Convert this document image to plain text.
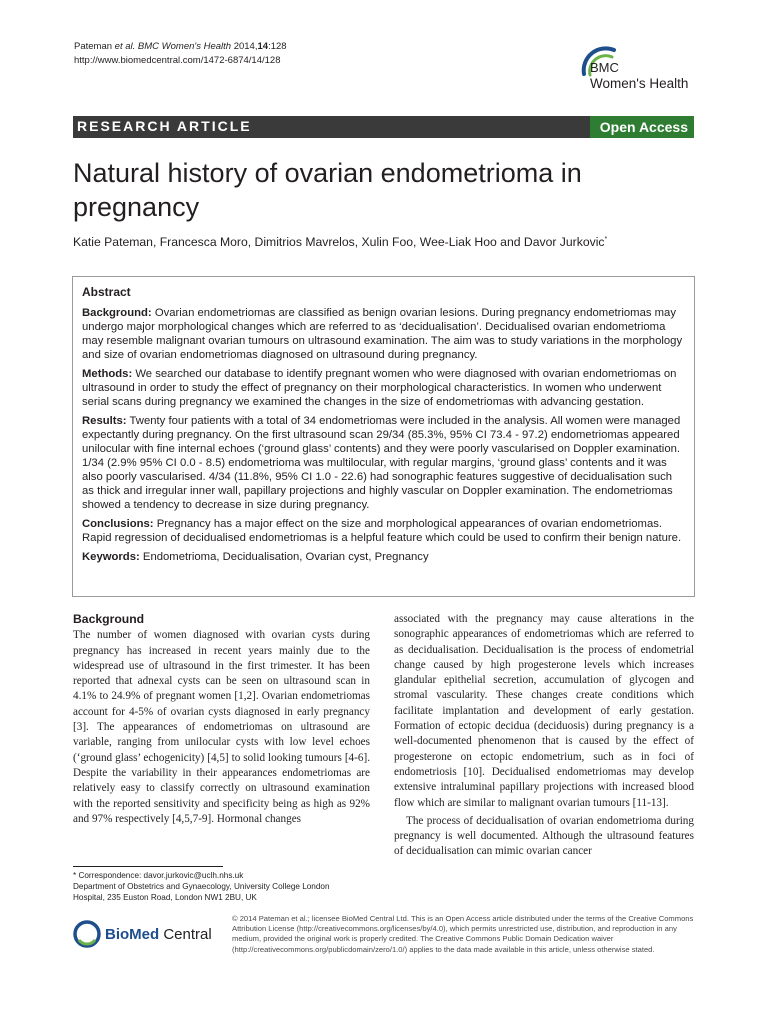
Pateman et al. BMC Women's Health 2014,14:128
http://www.biomedcentral.com/1472-6874/14/128	BMC
Women's Health
RESEARCH ARTICLE	Open Access
Natural history of ovarian endometrioma in
pregnancy
Katie Pateman, Francesca Moro, Dimitrios Mavrelos, Xulin Foo, Wee-Liak Hoo and Davor Jurkovic*
Abstract

Background: Ovarian endometriomas are classified as benign ovarian lesions. During pregnancy endometriomas may undergo major morphological changes which are referred to as ‘decidualisation’. Decidualised ovarian endometrioma may resemble malignant ovarian tumours on ultrasound examination. The aim was to study variations in the morphology and size of ovarian endometriomas diagnosed on ultrasound during pregnancy.

Methods: We searched our database to identify pregnant women who were diagnosed with ovarian endometriomas on ultrasound in order to study the effect of pregnancy on their morphological characteristics. In women who underwent serial scans during pregnancy we examined the changes in the size of endometriomas with advancing gestation.

Results: Twenty four patients with a total of 34 endometriomas were included in the analysis. All women were managed expectantly during pregnancy. On the first ultrasound scan 29/34 (85.3%, 95% CI 73.4 - 97.2) endometriomas appeared unilocular with fine internal echoes (‘ground glass’ contents) and they were poorly vascularised on Doppler examination. 1/34 (2.9% 95% CI 0.0 - 8.5) endometrioma was multilocular, with regular margins, ‘ground glass’ contents and it was also poorly vascularised. 4/34 (11.8%, 95% CI 1.0 - 22.6) had sonographic features suggestive of decidualisation such as thick and irregular inner wall, papillary projections and highly vascular on Doppler examination. The endometriomas showed a tendency to decrease in size during pregnancy.

Conclusions: Pregnancy has a major effect on the size and morphological appearances of ovarian endometriomas. Rapid regression of decidualised endometriomas is a helpful feature which could be used to confirm their benign nature.

Keywords: Endometrioma, Decidualisation, Ovarian cyst, Pregnancy

Background

The number of women diagnosed with ovarian cysts during pregnancy has increased in recent years mainly due to the widespread use of ultrasound in the first trimester. It has been reported that adnexal cysts can be seen on ultrasound scan in 4.1% to 24.9% of pregnant women [1,2]. Ovarian endometriomas account for 4-5% of ovarian cysts diagnosed in early pregnancy [3]. The appearances of endometriomas on ultrasound are variable, ranging from unilocular cysts with low level echoes (‘ground glass’ echogenicity) [4,5] to solid looking tumours [4-6]. Despite the variability in their appearances endometriomas are relatively easy to classify correctly on ultrasound examination with the reported sensitivity and specificity being as high as 92% and 97% respectively [4,5,7-9]. Hormonal changes

associated with the pregnancy may cause alterations in the sonographic appearances of endometriomas which are referred to as decidualisation. Decidualisation is the process of endometrial change caused by high progesterone levels which increases glandular epithelial secretion, accumulation of glycogen and stromal vascularity. These changes create conditions which facilitate implantation and development of early gestation. Formation of ectopic decidua (deciduosis) during pregnancy is a well-documented phenomenon that is caused by the effect of progesterone on ectopic endometrium, such as in foci of endometriosis [10]. Decidualised endometriomas may develop extensive intraluminal papillary projections with increased blood flow which are similar to malignant ovarian tumours [11-13].

The process of decidualisation of ovarian endometrioma during pregnancy is well documented. Although the ultrasound features of decidualisation can mimic ovarian cancer

* Correspondence: davor.jurkovic@uclh.nhs.uk
Department of Obstetrics and Gynaecology, University College London
Hospital, 235 Euston Road, London NW1 2BU, UK
BioMed Central
© 2014 Pateman et al.; licensee BioMed Central Ltd. This is an Open Access article distributed under the terms of the Creative Commons Attribution License (http://creativecommons.org/licenses/by/4.0), which permits unrestricted use, distribution, and reproduction in any medium, provided the original work is properly credited. The Creative Commons Public Domain Dedication waiver (http://creativecommons.org/publicdomain/zero/1.0/) applies to the data made available in this article, unless otherwise stated.
